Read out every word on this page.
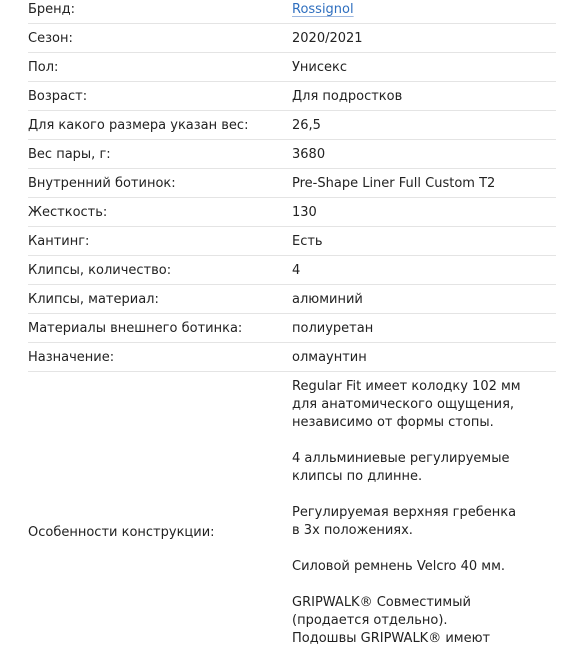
Бренд:	Rossignol
Сезон:	2020/2021
Пол:	Унисекс
Возраст:	Для подростков
Для какого размера указан вес:	26,5
Вес пары, г:	3680
Внутренний ботинок:	Pre-Shape Liner Full Custom T2
Жесткость:	130
Кантинг:	Есть
Клипсы, количество:	4
Клипсы, материал:	алюминий
Материалы внешнего ботинка:	полиуретан
Назначение:	олмаунтин
Особенности конструкции:

Regular Fit имеет колодку 102 мм
для анатомического ощущения,
независимо от формы стопы.

4 алльминиевые регулируемые
клипсы по длинне.

Регулируемая верхняя гребенка
в 3х положениях.

Силовой ремнень Velcro 40 мм.

GRIPWALK® Совместимый
(продается отдельно).
Подошвы GRIPWALK® имеют
